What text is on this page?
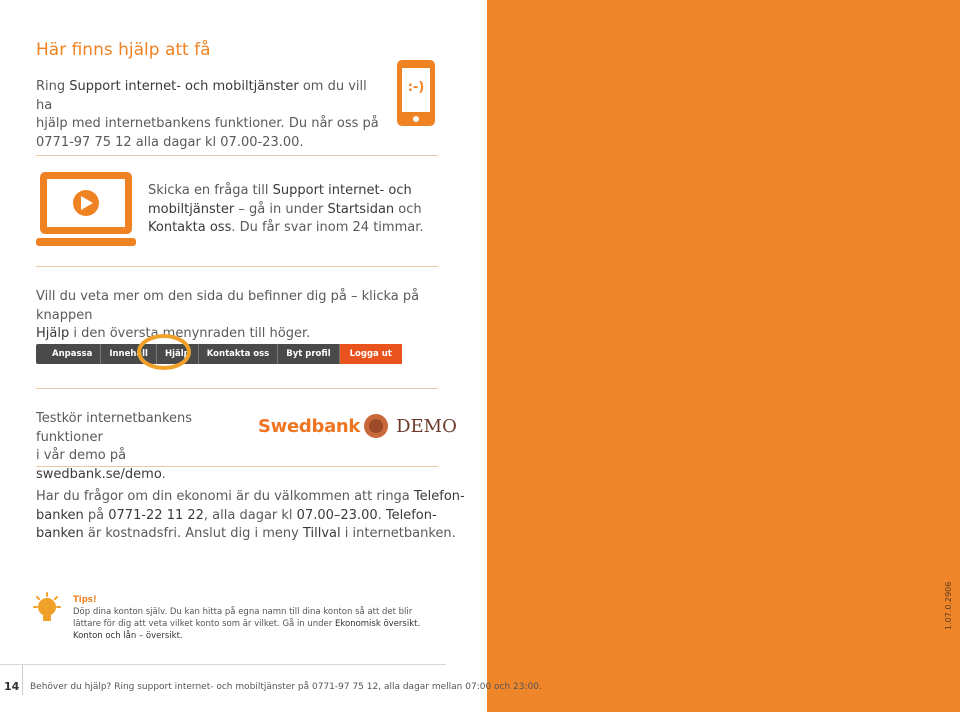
Här finns hjälp att få
Ring Support internet- och mobiltjänster om du vill ha
hjälp med internetbankens funktioner. Du når oss på
0771-97 75 12 alla dagar kl 07.00-23.00.
:-)
Skicka en fråga till Support internet- och
mobiltjänster – gå in under Startsidan och
Kontakta oss. Du får svar inom 24 timmar.
Vill du veta mer om den sida du befinner dig på – klicka på knappen
Hjälp i den översta menynraden till höger.
Anpassa	Innehåll	Hjälp	Kontakta oss	Byt profil	Logga ut
Testkör internetbankens funktioner
i vår demo på swedbank.se/demo.
Swedbank DEMO
Har du frågor om din ekonomi är du välkommen att ringa Telefon-
banken på 0771-22 11 22, alla dagar kl 07.00–23.00. Telefon-
banken är kostnadsfri. Anslut dig i meny Tillval i internetbanken.
Tips!
Döp dina konton själv. Du kan hitta på egna namn till dina konton så att det blir
lättare för dig att veta vilket konto som är vilket. Gå in under Ekonomisk översikt.
Konton och lån – översikt.
14 Behöver du hjälp? Ring support internet- och mobiltjänster på 0771-97 75 12, alla dagar mellan 07:00 och 23:00.
1.07.0.2906
